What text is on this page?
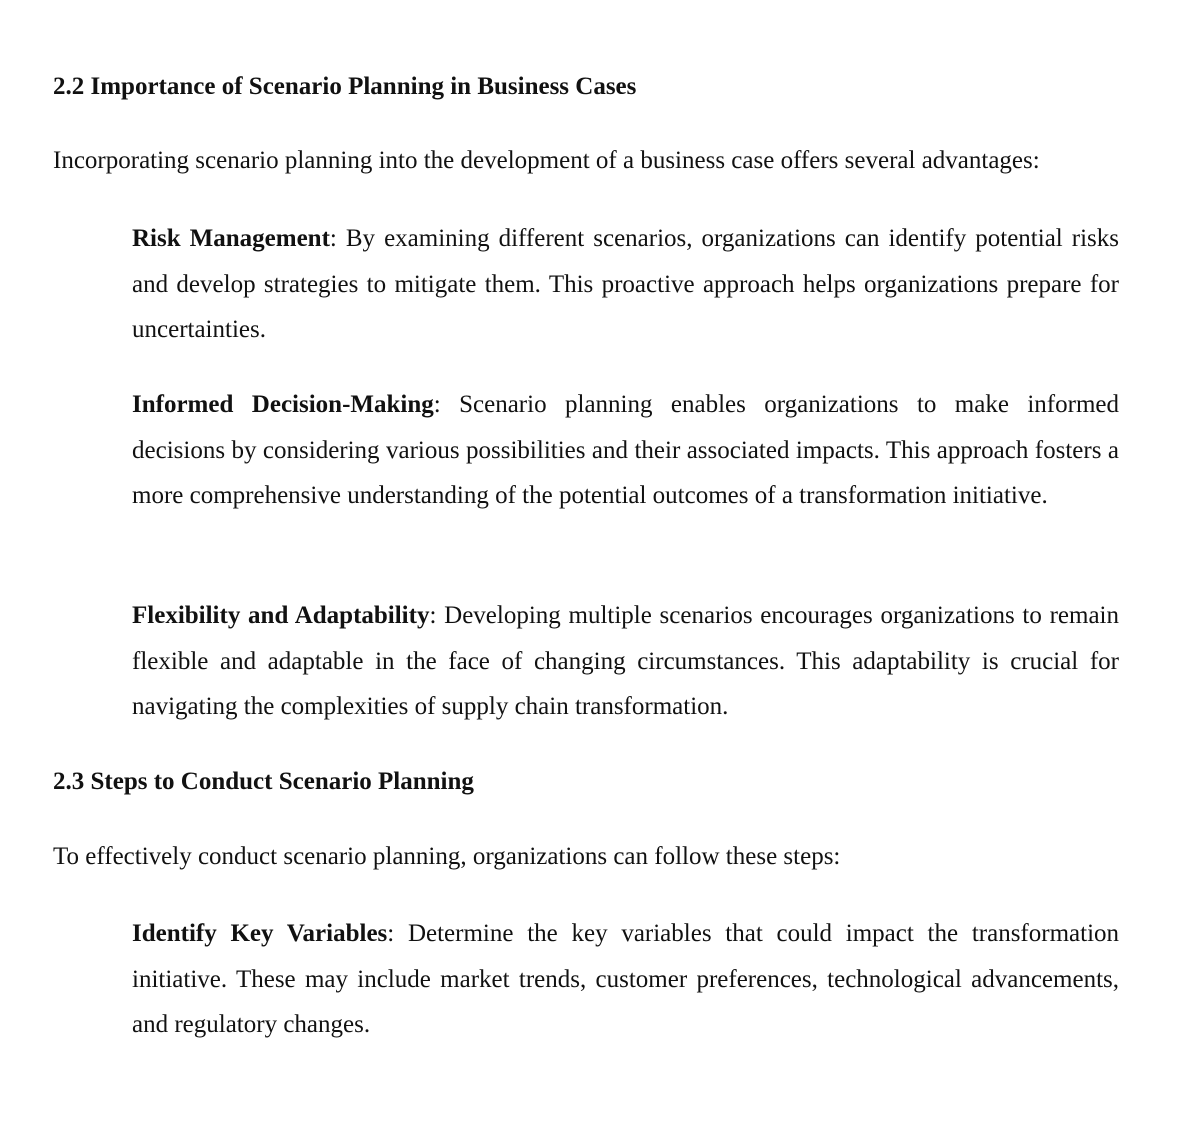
2.2 Importance of Scenario Planning in Business Cases

Incorporating scenario planning into the development of a business case offers several advantages:

Risk Management: By examining different scenarios, organizations can identify potential risks and develop strategies to mitigate them. This proactive approach helps organizations prepare for uncertainties.

Informed Decision-Making: Scenario planning enables organizations to make informed decisions by considering various possibilities and their associated impacts. This approach fosters a more comprehensive understanding of the potential outcomes of a transformation initiative.

Flexibility and Adaptability: Developing multiple scenarios encourages organizations to remain flexible and adaptable in the face of changing circumstances. This adaptability is crucial for navigating the complexities of supply chain transformation.

2.3 Steps to Conduct Scenario Planning

To effectively conduct scenario planning, organizations can follow these steps:

Identify Key Variables: Determine the key variables that could impact the transformation initiative. These may include market trends, customer preferences, technological advancements, and regulatory changes.
